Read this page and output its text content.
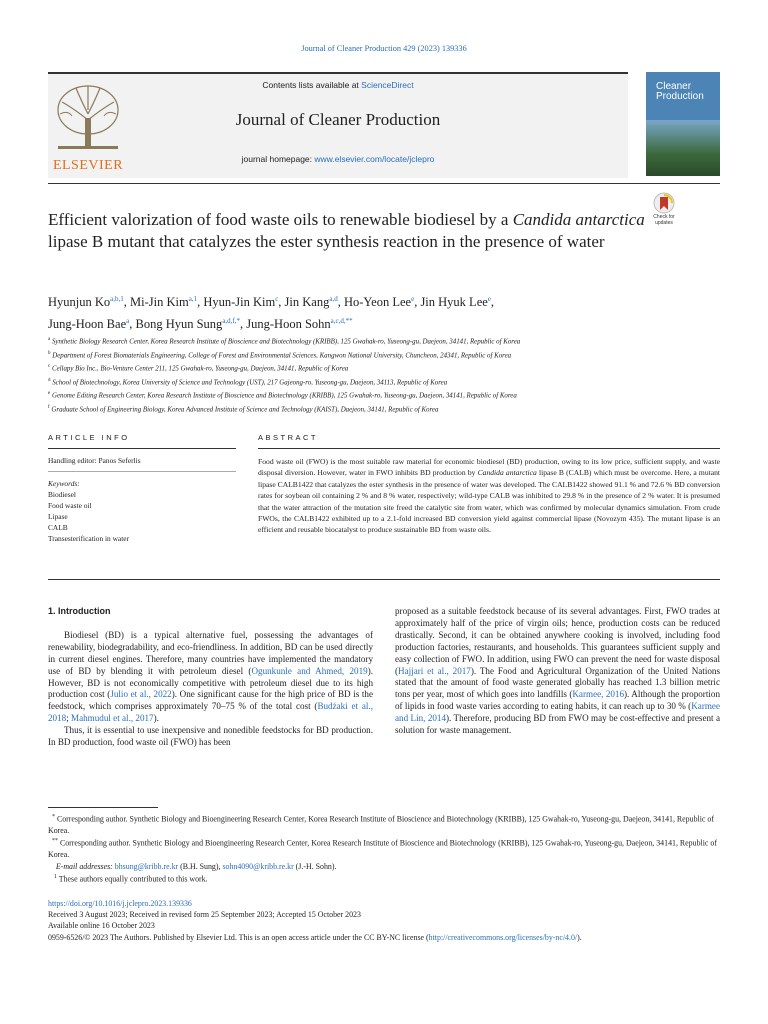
Journal of Cleaner Production 429 (2023) 139336
ELSEVIER
Contents lists available at ScienceDirect
Journal of Cleaner Production
journal homepage: www.elsevier.com/locate/jclepro
Cleaner
Production
Efficient valorization of food waste oils to renewable biodiesel by a Candida antarctica lipase B mutant that catalyzes the ester synthesis reaction in the presence of water
Check for
updates
Hyunjun Ko$^{a,b,1}$, Mi-Jin Kim$^{a,1}$, Hyun-Jin Kim$^c$, Jin Kang$^{a,d}$, Ho-Yeon Lee$^e$, Jin Hyuk Lee$^e$,
Jung-Hoon Bae$^a$, Bong Hyun Sung$^{a,d,f,*}$, Jung-Hoon Sohn$^{a,c,d,**}$
$^a$ Synthetic Biology Research Center, Korea Research Institute of Bioscience and Biotechnology (KRIBB), 125 Gwahak-ro, Yuseong-gu, Daejeon, 34141, Republic of Korea
$^b$ Department of Forest Biomaterials Engineering, College of Forest and Environmental Sciences, Kangwon National University, Chuncheon, 24341, Republic of Korea
$^c$ Cellapy Bio Inc., Bio-Venture Center 211, 125 Gwahak-ro, Yuseong-gu, Daejeon, 34141, Republic of Korea
$^d$ School of Biotechnology, Korea University of Science and Technology (UST), 217 Gajeong-ro, Yuseong-gu, Daejeon, 34113, Republic of Korea
$^e$ Genome Editing Research Center, Korea Research Institute of Bioscience and Biotechnology (KRIBB), 125 Gwahak-ro, Yuseong-gu, Daejeon, 34141, Republic of Korea
$^f$ Graduate School of Engineering Biology, Korea Advanced Institute of Science and Technology (KAIST), Daejeon, 34141, Republic of Korea
ARTICLE INFO
Handling editor: Panos Seferlis
Keywords:
Biodiesel
Food waste oil
Lipase
CALB
Transesterification in water
ABSTRACT
Food waste oil (FWO) is the most suitable raw material for economic biodiesel (BD) production, owing to its low price, sufficient supply, and waste disposal diversion. However, water in FWO inhibits BD production by Candida antarctica lipase B (CALB) which must be overcome. Here, a mutant lipase CALB1422 that catalyzes the ester synthesis in the presence of water was developed. The CALB1422 showed 91.1 % and 72.6 % BD conversion rates for soybean oil containing 2 % and 8 % water, respectively; wild-type CALB was inhibited to 29.8 % in the presence of 2 % water. It is presumed that the water attraction of the mutation site freed the catalytic site from water, which was confirmed by molecular dynamics simulation. From crude FWOs, the CALB1422 exhibited up to a 2.1-fold increased BD conversion yield against commercial lipase (Novozym 435). The mutant lipase is an efficient and reusable biocatalyst to produce sustainable BD from waste oils.

1. Introduction

Biodiesel (BD) is a typical alternative fuel, possessing the advantages of renewability, biodegradability, and eco-friendliness. In addition, BD can be used directly in current diesel engines. Therefore, many countries have implemented the mandatory use of BD by blending it with petroleum diesel (Ogunkunle and Ahmed, 2019). However, BD is not economically competitive with petroleum diesel due to its high production cost (Julio et al., 2022). One significant cause for the high price of BD is the feedstock, which comprises approximately 70–75 % of the total cost (Budżaki et al., 2018; Mahmudul et al., 2017).

Thus, it is essential to use inexpensive and nonedible feedstocks for BD production. In BD production, food waste oil (FWO) has been

proposed as a suitable feedstock because of its several advantages. First, FWO trades at approximately half of the price of virgin oils; hence, production costs can be reduced drastically. Second, it can be obtained anywhere cooking is involved, including food production factories, restaurants, and households. This guarantees sufficient supply and easy collection of FWO. In addition, using FWO can prevent the need for waste disposal (Hajjari et al., 2017). The Food and Agricultural Organization of the United Nations stated that the amount of food waste generated globally has reached 1.3 billion metric tons per year, most of which goes into landfills (Karmee, 2016). Although the proportion of lipids in food waste varies according to eating habits, it can reach up to 30 % (Karmee and Lin, 2014). Therefore, producing BD from FWO may be cost-effective and present a solution for waste management.

* Corresponding author. Synthetic Biology and Bioengineering Research Center, Korea Research Institute of Bioscience and Biotechnology (KRIBB), 125 Gwahak-ro, Yuseong-gu, Daejeon, 34141, Republic of Korea.

** Corresponding author. Synthetic Biology and Bioengineering Research Center, Korea Research Institute of Bioscience and Biotechnology (KRIBB), 125 Gwahak-ro, Yuseong-gu, Daejeon, 34141, Republic of Korea.

E-mail addresses: bhsung@kribb.re.kr (B.H. Sung), sohn4090@kribb.re.kr (J.-H. Sohn).

$^1$ These authors equally contributed to this work.

https://doi.org/10.1016/j.jclepro.2023.139336

Received 3 August 2023; Received in revised form 25 September 2023; Accepted 15 October 2023

Available online 16 October 2023

0959-6526/© 2023 The Authors. Published by Elsevier Ltd. This is an open access article under the CC BY-NC license (http://creativecommons.org/licenses/by-nc/4.0/).
